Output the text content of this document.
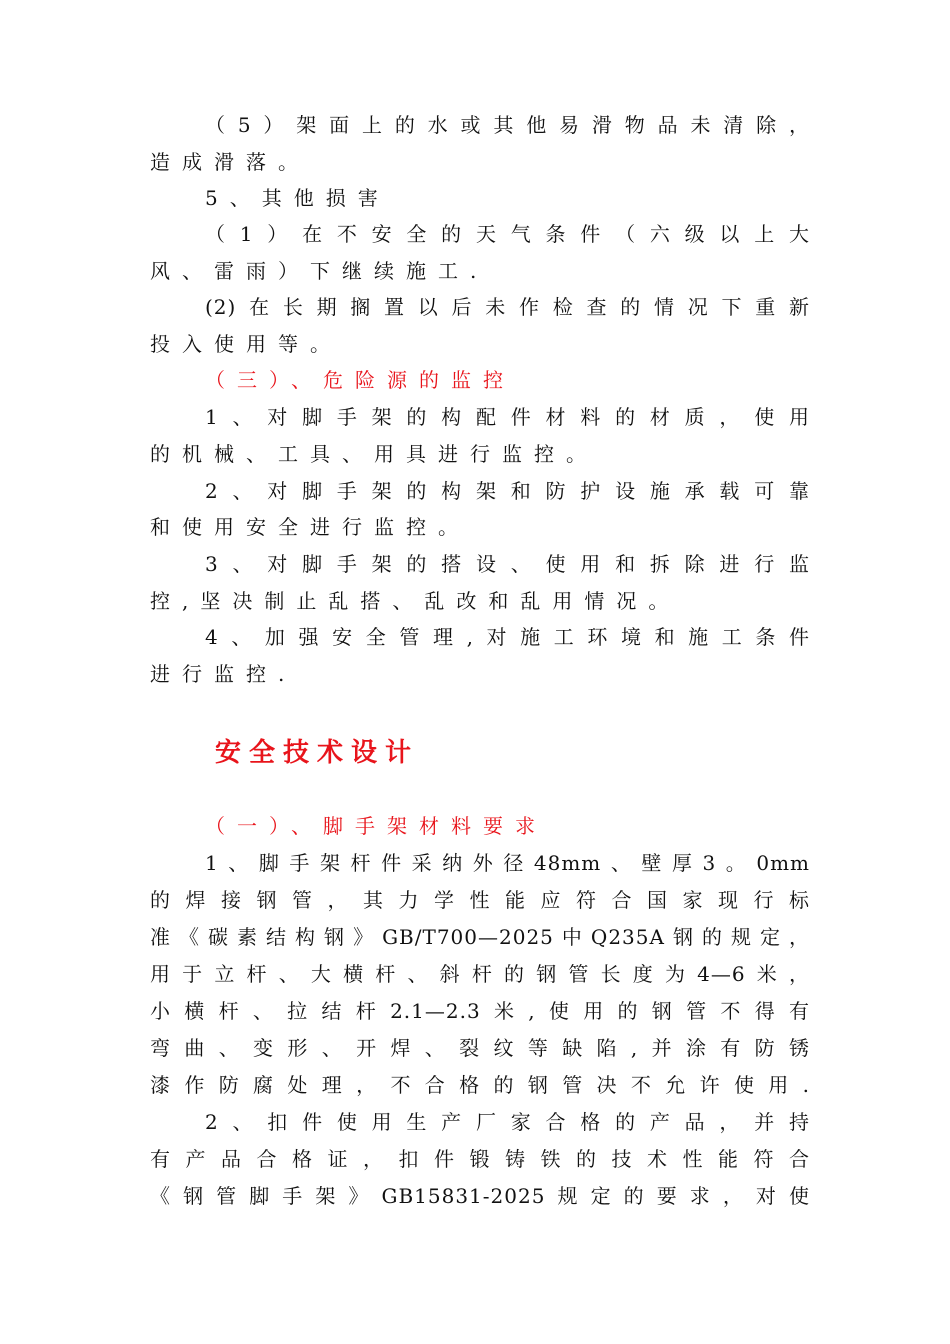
（5）架面上的水或其他易滑物品未清除，
造成滑落。
5、其他损害
（1）在不安全的天气条件（六级以上大
风、雷雨）下继续施工.
(2)在长期搁置以后未作检查的情况下重新
投入使用等。
（三）、危险源的监控
1、对脚手架的构配件材料的材质，使用
的机械、工具、用具进行监控。
2、对脚手架的构架和防护设施承载可靠
和使用安全进行监控。
3、对脚手架的搭设、使用和拆除进行监
控,坚决制止乱搭、乱改和乱用情况。
4、加强安全管理,对施工环境和施工条件
进行监控.
安全技术设计
（一）、脚手架材料要求
1、脚手架杆件采纳外径48mm、壁厚3。0mm
的焊接钢管，其力学性能应符合国家现行标
准《碳素结构钢》GB/T700—2025中Q235A钢的规定，
用于立杆、大横杆、斜杆的钢管长度为4—6米，
小横杆、拉结杆2.1—2.3米,使用的钢管不得有
弯曲、变形、开焊、裂纹等缺陷,并涂有防锈
漆作防腐处理，不合格的钢管决不允许使用.
2、扣件使用生产厂家合格的产品，并持
有产品合格证，扣件锻铸铁的技术性能符合
《钢管脚手架》GB15831-2025规定的要求，对使
